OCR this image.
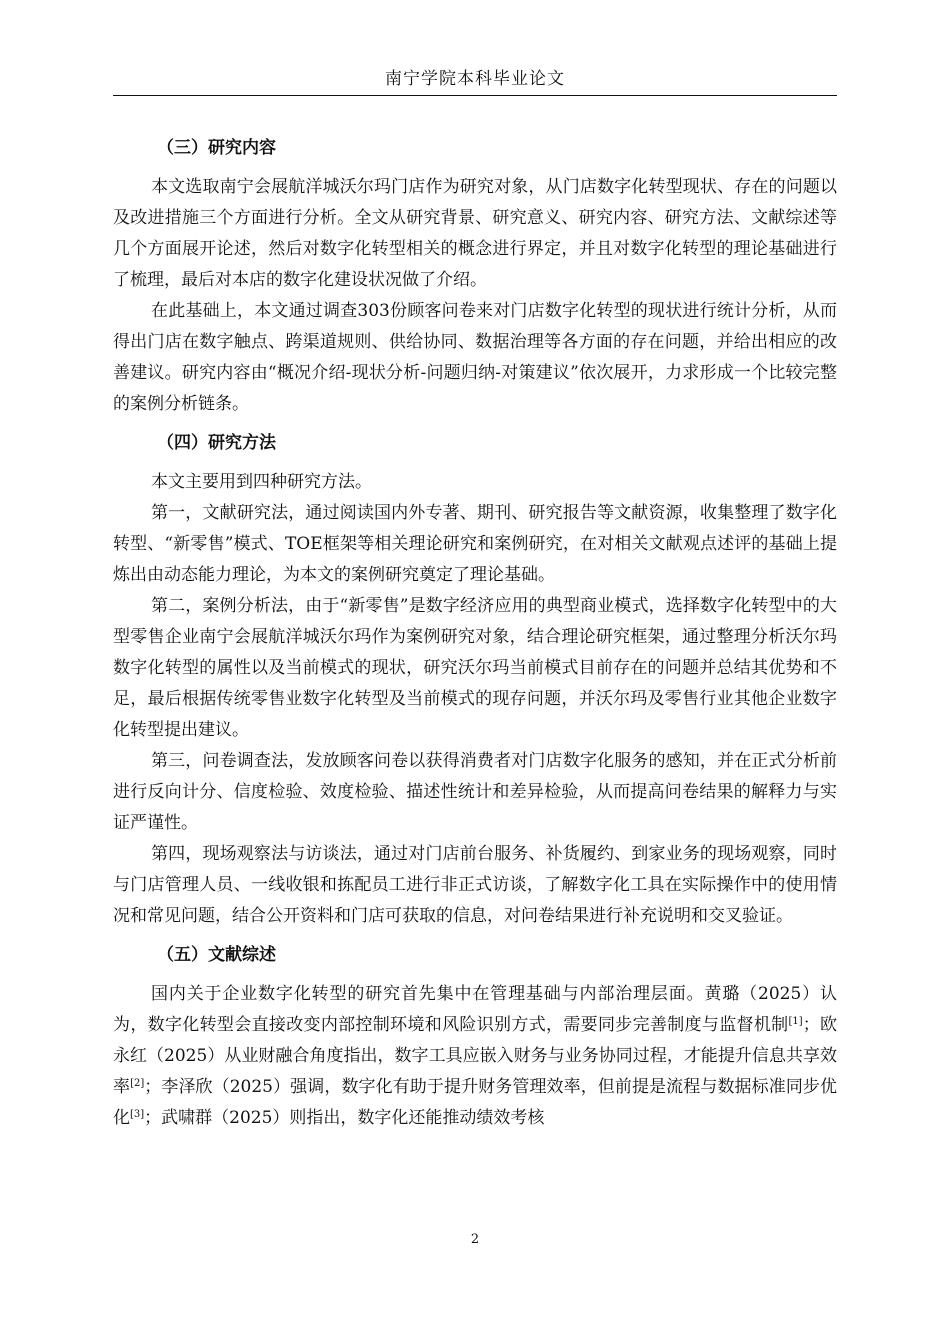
南宁学院本科毕业论文
（三）研究内容

本文选取南宁会展航洋城沃尔玛门店作为研究对象，从门店数字化转型现状、存在的问题以及改进措施三个方面进行分析。全文从研究背景、研究意义、研究内容、研究方法、文献综述等几个方面展开论述，然后对数字化转型相关的概念进行界定，并且对数字化转型的理论基础进行了梳理，最后对本店的数字化建设状况做了介绍。

在此基础上，本文通过调查303份顾客问卷来对门店数字化转型的现状进行统计分析，从而得出门店在数字触点、跨渠道规则、供给协同、数据治理等各方面的存在问题，并给出相应的改善建议。研究内容由“概况介绍-现状分析-问题归纳-对策建议”依次展开，力求形成一个比较完整的案例分析链条。

（四）研究方法

本文主要用到四种研究方法。

第一，文献研究法，通过阅读国内外专著、期刊、研究报告等文献资源，收集整理了数字化转型、“新零售”模式、TOE框架等相关理论研究和案例研究，在对相关文献观点述评的基础上提炼出由动态能力理论，为本文的案例研究奠定了理论基础。

第二，案例分析法，由于“新零售”是数字经济应用的典型商业模式，选择数字化转型中的大型零售企业南宁会展航洋城沃尔玛作为案例研究对象，结合理论研究框架，通过整理分析沃尔玛数字化转型的属性以及当前模式的现状，研究沃尔玛当前模式目前存在的问题并总结其优势和不足，最后根据传统零售业数字化转型及当前模式的现存问题，并沃尔玛及零售行业其他企业数字化转型提出建议。

第三，问卷调查法，发放顾客问卷以获得消费者对门店数字化服务的感知，并在正式分析前进行反向计分、信度检验、效度检验、描述性统计和差异检验，从而提高问卷结果的解释力与实证严谨性。

第四，现场观察法与访谈法，通过对门店前台服务、补货履约、到家业务的现场观察，同时与门店管理人员、一线收银和拣配员工进行非正式访谈，了解数字化工具在实际操作中的使用情况和常见问题，结合公开资料和门店可获取的信息，对问卷结果进行补充说明和交叉验证。

（五）文献综述

国内关于企业数字化转型的研究首先集中在管理基础与内部治理层面。黄璐（2025）认为，数字化转型会直接改变内部控制环境和风险识别方式，需要同步完善制度与监督机制[1]；欧永红（2025）从业财融合角度指出，数字工具应嵌入财务与业务协同过程，才能提升信息共享效率[2]；李泽欣（2025）强调，数字化有助于提升财务管理效率，但前提是流程与数据标准同步优化[3]；武啸群（2025）则指出，数字化还能推动绩效考核

2
